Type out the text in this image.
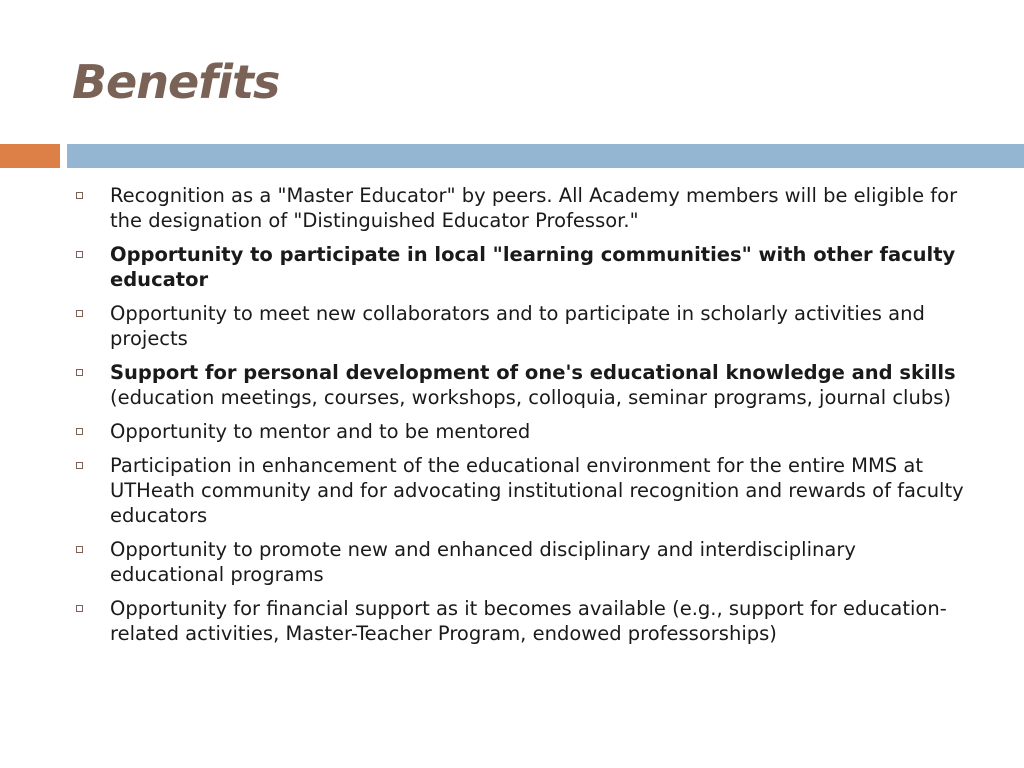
Benefits
Recognition as a "Master Educator" by peers. All Academy members will be eligible for the designation of "Distinguished Educator Professor."
Opportunity to participate in local "learning communities" with other faculty educator
Opportunity to meet new collaborators and to participate in scholarly activities and projects
Support for personal development of one's educational knowledge and skills (education meetings, courses, workshops, colloquia, seminar programs, journal clubs)
Opportunity to mentor and to be mentored
Participation in enhancement of the educational environment for the entire MMS at UTHeath community and for advocating institutional recognition and rewards of faculty educators
Opportunity to promote new and enhanced disciplinary and interdisciplinary educational programs
Opportunity for financial support as it becomes available (e.g., support for education-related activities, Master-Teacher Program, endowed professorships)
